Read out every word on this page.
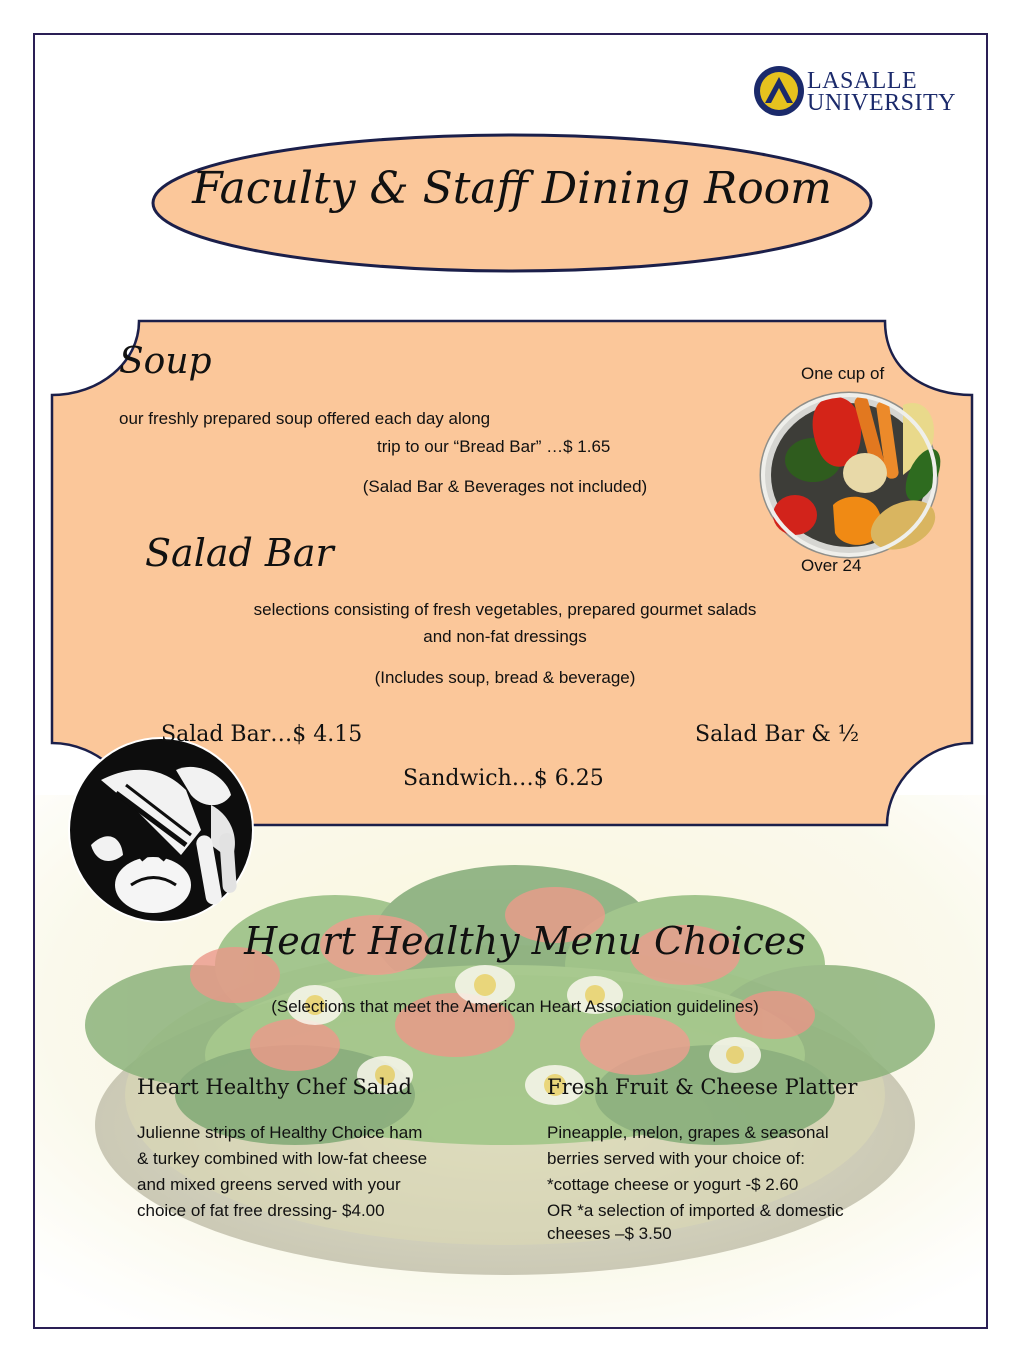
LASALLE
UNIVERSITY
Faculty & Staff Dining Room
Soup	One cup of
our freshly prepared soup offered each day along
trip to our “Bread Bar” …$ 1.65
(Salad Bar & Beverages not included)
Salad Bar	Over 24
selections consisting of fresh vegetables, prepared gourmet salads
and non-fat dressings
(Includes soup, bread & beverage)
Salad Bar…$ 4.15	Salad Bar & ½
Sandwich…$ 6.25
Heart Healthy Menu Choices
(Selections that meet the American Heart Association guidelines)
Heart Healthy Chef Salad
Julienne strips of Healthy Choice ham
& turkey combined with low-fat cheese
and mixed greens served with your
choice of fat free dressing- $4.00
Fresh Fruit & Cheese Platter
Pineapple, melon, grapes & seasonal
berries served with your choice of:
*cottage cheese or yogurt -$ 2.60
OR *a selection of imported & domestic
cheeses –$ 3.50
